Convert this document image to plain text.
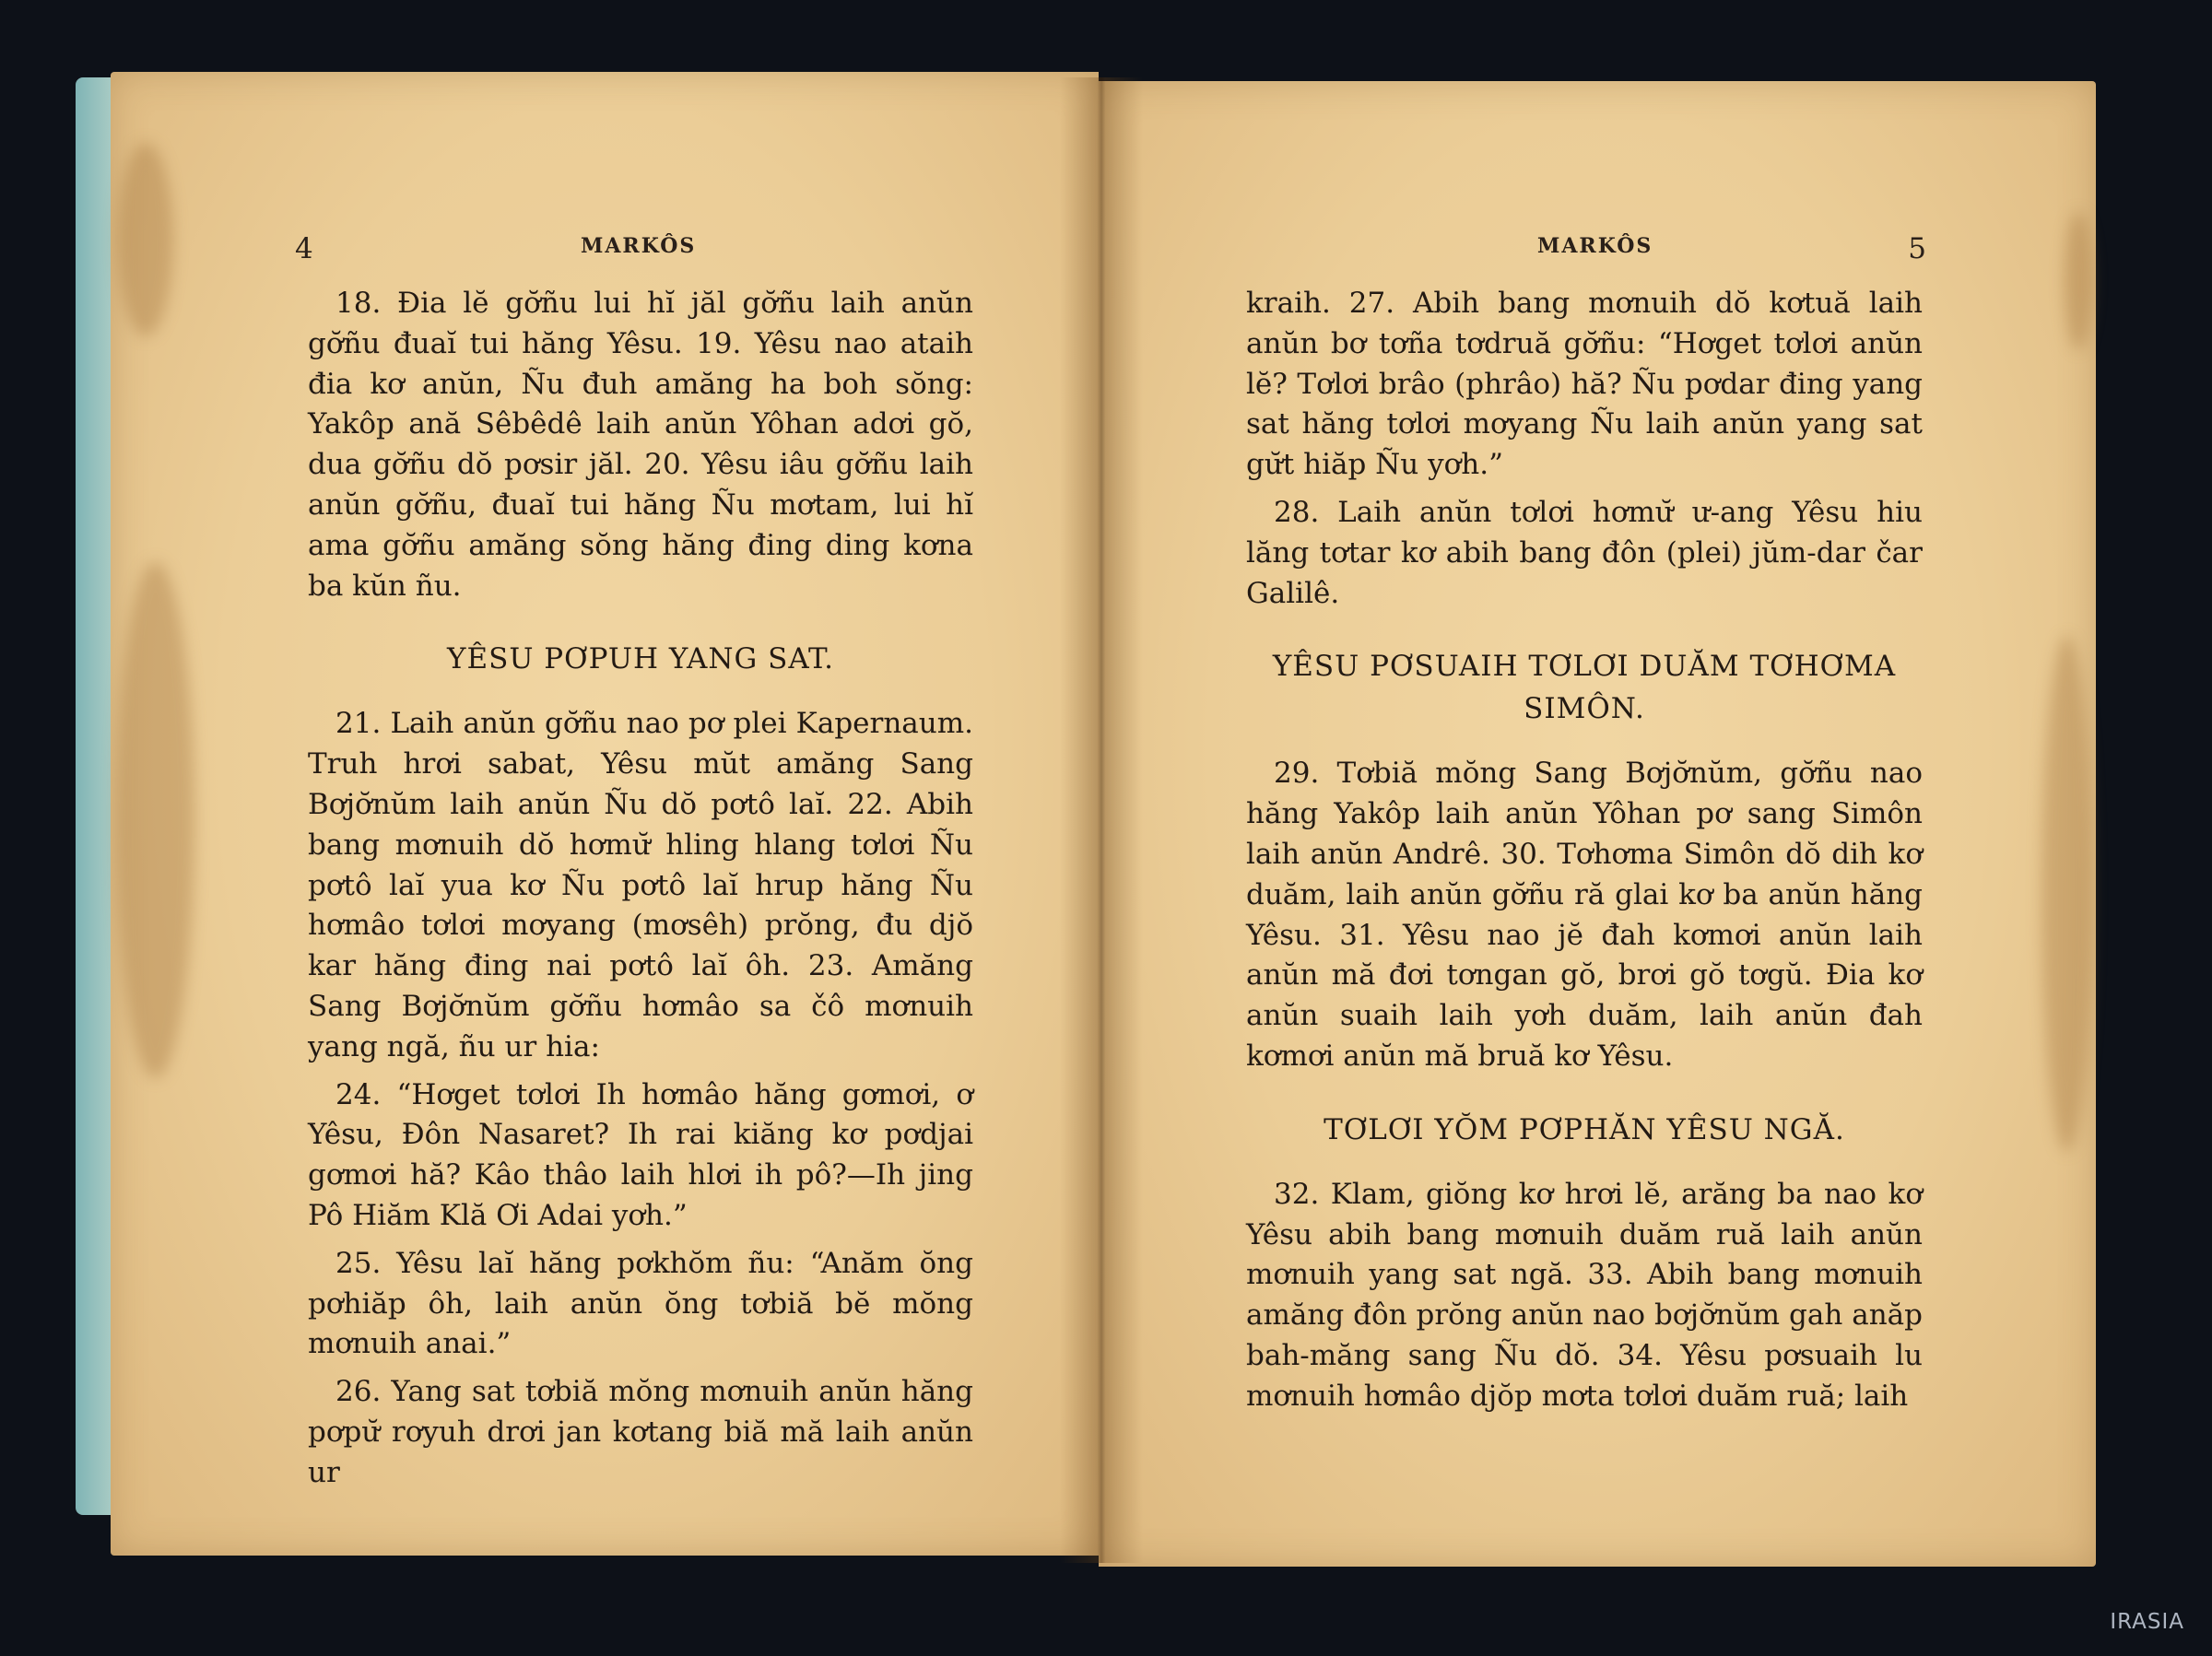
4	MARKÔS

18. Đia lĕ gơ̆ñu lui hĭ jăl gơ̆ñu laih anŭn gơ̆ñu đuaĭ tui hăng Yêsu. 19. Yêsu nao ataih đia kơ anŭn, Ñu đuh amăng ha boh sŏng: Yakôp ană Sêbêdê laih anŭn Yôhan adơi gŏ, dua gơ̆ñu dŏ pơsir jăl. 20. Yêsu iâu gơ̆ñu laih anŭn gơ̆ñu, đuaĭ tui hăng Ñu mơtam, lui hĭ ama gơ̆ñu amăng sŏng hăng đing ding kơna ba kŭn ñu.

YÊSU PƠPUH YANG SAT.

21. Laih anŭn gơ̆ñu nao pơ plei Kapernaum. Truh hrơi sabat, Yêsu mŭt amăng Sang Bơjơ̆nŭm laih anŭn Ñu dŏ pơtô laĭ. 22. Abih bang mơnuih dŏ hơmư̆ hling hlang tơlơi Ñu pơtô laĭ yua kơ Ñu pơtô laĭ hrup hăng Ñu hơmâo tơlơi mơyang (mơsêh) prŏng, đu djŏ kar hăng đing nai pơtô laĭ ôh. 23. Amăng Sang Bơjơ̆nŭm gơ̆ñu hơmâo sa čô mơnuih yang ngă, ñu ur hia:

24. “Hơget tơlơi Ih hơmâo hăng gơmơi, ơ Yêsu, Đôn Nasaret? Ih rai kiăng kơ pơdjai gơmơi hă? Kâo thâo laih hlơi ih pô?—Ih jing Pô Hiăm Klă Ơi Adai yơh.”

25. Yêsu laĭ hăng pơkhŏm ñu: “Anăm ŏng pơhiăp ôh, laih anŭn ŏng tơbiă bĕ mŏng mơnuih anai.”

26. Yang sat tơbiă mŏng mơnuih anŭn hăng pơpư̆ rơyuh drơi jan kơtang biă mă laih anŭn ur

MARKÔS	5

kraih. 27. Abih bang mơnuih dŏ kơtuă laih anŭn bơ tơña tơdruă gơ̆ñu: “Hơget tơlơi anŭn lĕ? Tơlơi brâo (phrâo) hă? Ñu pơdar đing yang sat hăng tơlơi mơyang Ñu laih anŭn yang sat gư̆t hiăp Ñu yơh.”

28. Laih anŭn tơlơi hơmư̆ ư-ang Yêsu hiu lăng tơtar kơ abih bang đôn (plei) jŭm-dar čar Galilê.

YÊSU PƠSUAIH TƠLƠI DUĂM TƠHƠMA SIMÔN.

29. Tơbiă mŏng Sang Bơjơ̆nŭm, gơ̆ñu nao hăng Yakôp laih anŭn Yôhan pơ sang Simôn laih anŭn Andrê. 30. Tơhơma Simôn dŏ dih kơ duăm, laih anŭn gơ̆ñu ră glai kơ ba anŭn hăng Yêsu. 31. Yêsu nao jĕ đah kơmơi anŭn laih anŭn mă đơi tơngan gŏ, brơi gŏ tơgŭ. Đia kơ anŭn suaih laih yơh duăm, laih anŭn đah kơmơi anŭn mă bruă kơ Yêsu.

TƠLƠI YŎM PƠPHĂN YÊSU NGĂ.

32. Klam, giŏng kơ hrơi lĕ, arăng ba nao kơ Yêsu abih bang mơnuih duăm ruă laih anŭn mơnuih yang sat ngă. 33. Abih bang mơnuih amăng đôn prŏng anŭn nao bơjơ̆nŭm gah anăp bah-măng sang Ñu dŏ. 34. Yêsu pơsuaih lu mơnuih hơmâo djŏp mơta tơlơi duăm ruă; laih

IRASIA
